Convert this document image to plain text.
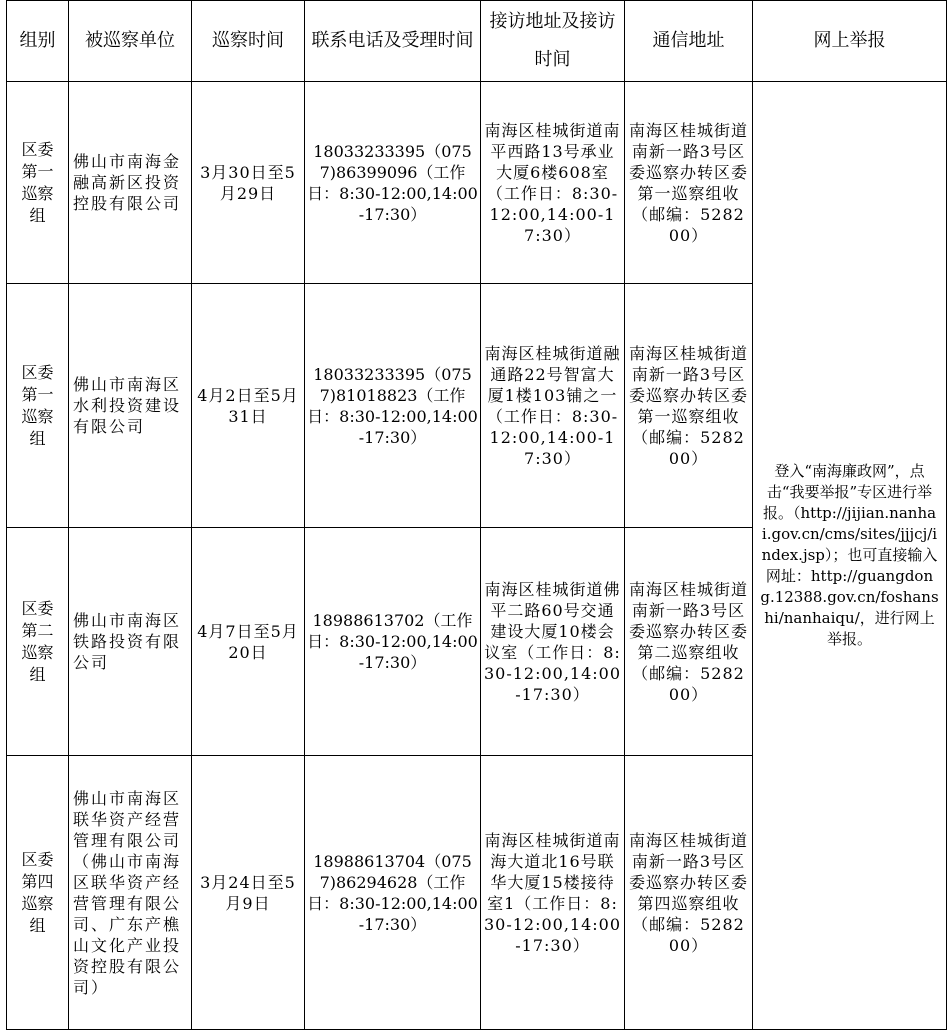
组别	被巡察单位	巡察时间	联系电话及受理时间	接访地址及接访时间	通信地址	网上举报
区委第一巡察组	佛山市南海金融高新区投资控股有限公司	3月30日至5月29日	18033233395（0757)86399096（工作日：8:30-12:00,14:00-17:30）	南海区桂城街道南平西路13号承业大厦6楼608室（工作日：8:30-12:00,14:00-17:30）	南海区桂城街道南新一路3号区委巡察办转区委第一巡察组收（邮编：528200）	登入“南海廉政网”，点击“我要举报”专区进行举报。（http://jijian.nanhai.gov.cn/cms/sites/jjjcj/index.jsp）；也可直接输入网址：http://guangdong.12388.gov.cn/foshanshi/nanhaiqu/，进行网上举报。
区委第一巡察组	佛山市南海区水利投资建设有限公司	4月2日至5月31日	18033233395（0757)81018823（工作日：8:30-12:00,14:00-17:30）	南海区桂城街道融通路22号智富大厦1楼103铺之一（工作日：8:30-12:00,14:00-17:30）	南海区桂城街道南新一路3号区委巡察办转区委第一巡察组收（邮编：528200）	
区委第二巡察组	佛山市南海区铁路投资有限公司	4月7日至5月20日	18988613702（工作日：8:30-12:00,14:00-17:30）	南海区桂城街道佛平二路60号交通建设大厦10楼会议室（工作日：8:30-12:00,14:00-17:30）	南海区桂城街道南新一路3号区委巡察办转区委第二巡察组收（邮编：528200）	
区委第四巡察组	佛山市南海区联华资产经营管理有限公司（佛山市南海区联华资产经营管理有限公司、广东产樵山文化产业投资控股有限公司）	3月24日至5月9日	18988613704（0757)86294628（工作日：8:30-12:00,14:00-17:30）	南海区桂城街道南海大道北16号联华大厦15楼接待室1（工作日：8:30-12:00,14:00-17:30）	南海区桂城街道南新一路3号区委巡察办转区委第四巡察组收（邮编：528200）	
